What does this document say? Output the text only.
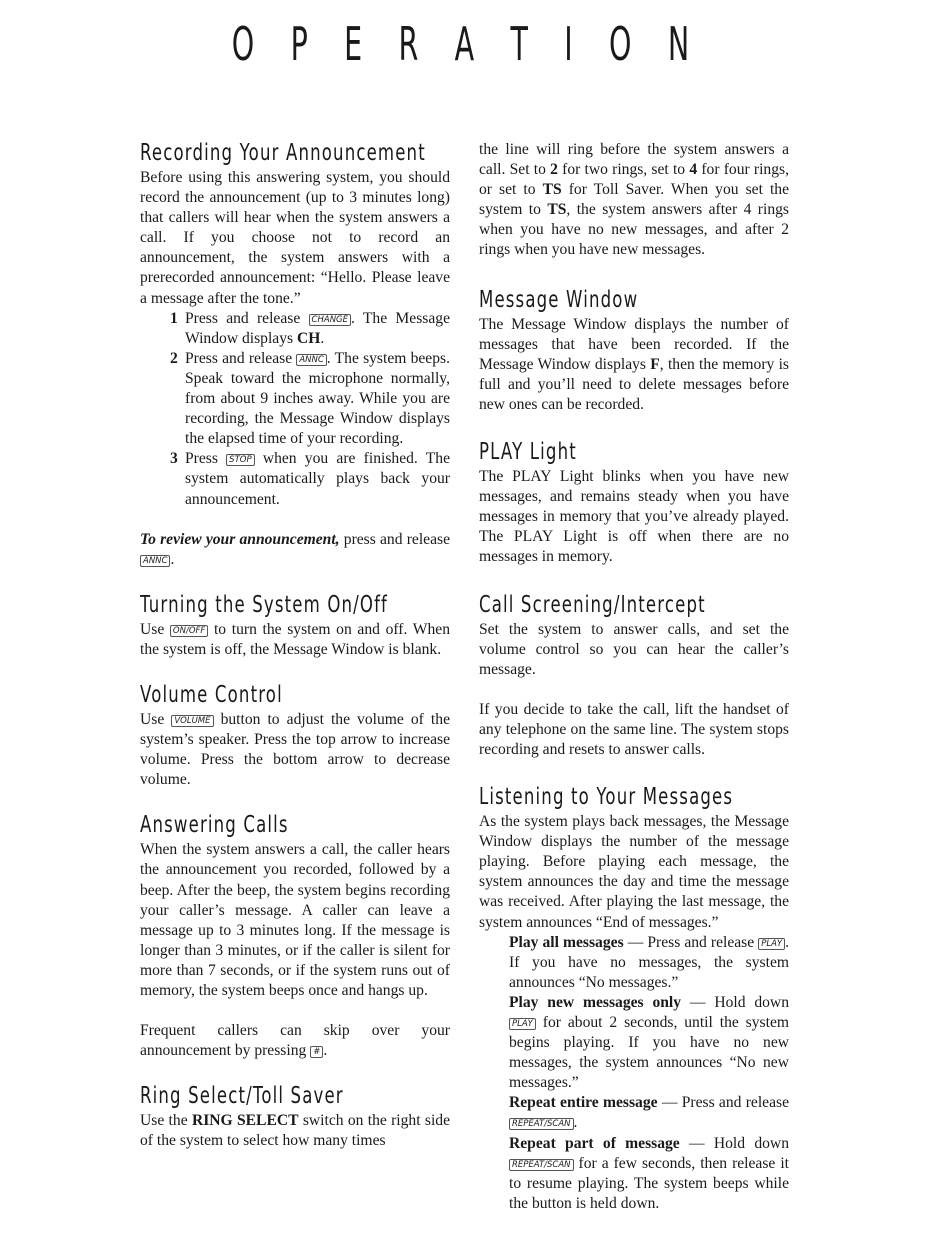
O P E R A T I O N
Recording Your Announcement

Before using this answering system, you should record the announcement (up to 3 minutes long) that callers will hear when the system answers a call. If you choose not to record an announcement, the system answers with a prerecorded announcement: “Hello. Please leave a message after the tone.”

1 Press and release CHANGE . The Message Window displays CH.
2 Press and release ANNC . The system beeps. Speak toward the microphone normally, from about 9 inches away. While you are recording, the Message Window displays the elapsed time of your recording.
3 Press STOP when you are finished. The system automatically plays back your announcement.

To review your announcement, press and release ANNC .

Turning the System On/Off

Use ON/OFF to turn the system on and off. When the system is off, the Message Window is blank.

Volume Control

Use VOLUME button to adjust the volume of the system’s speaker. Press the top arrow to increase volume. Press the bottom arrow to decrease volume.

Answering Calls

When the system answers a call, the caller hears the announcement you recorded, followed by a beep. After the beep, the system begins recording your caller’s message. A caller can leave a message up to 3 minutes long. If the message is longer than 3 minutes, or if the caller is silent for more than 7 seconds, or if the system runs out of memory, the system beeps once and hangs up.

Frequent callers can skip over your announcement by pressing # .

Ring Select/Toll Saver

Use the RING SELECT switch on the right side of the system to select how many times

the line will ring before the system answers a call. Set to 2 for two rings, set to 4 for four rings, or set to TS for Toll Saver. When you set the system to TS, the system answers after 4 rings when you have no new messages, and after 2 rings when you have new messages.

Message Window

The Message Window displays the number of messages that have been recorded. If the Message Window displays F, then the memory is full and you’ll need to delete messages before new ones can be recorded.

PLAY Light

The PLAY Light blinks when you have new messages, and remains steady when you have messages in memory that you’ve already played. The PLAY Light is off when there are no messages in memory.

Call Screening/Intercept

Set the system to answer calls, and set the volume control so you can hear the caller’s message.

If you decide to take the call, lift the handset of any telephone on the same line. The system stops recording and resets to answer calls.

Listening to Your Messages

As the system plays back messages, the Message Window displays the number of the message playing. Before playing each message, the system announces the day and time the message was received. After playing the last message, the system announces “End of messages.”

Play all messages — Press and release PLAY . If you have no messages, the system announces “No messages.”

Play new messages only — Hold down PLAY for about 2 seconds, until the system begins playing. If you have no new messages, the system announces “No new messages.”

Repeat entire message — Press and release REPEAT/SCAN .

Repeat part of message — Hold down REPEAT/SCAN for a few seconds, then release it to resume playing. The system beeps while the button is held down.
